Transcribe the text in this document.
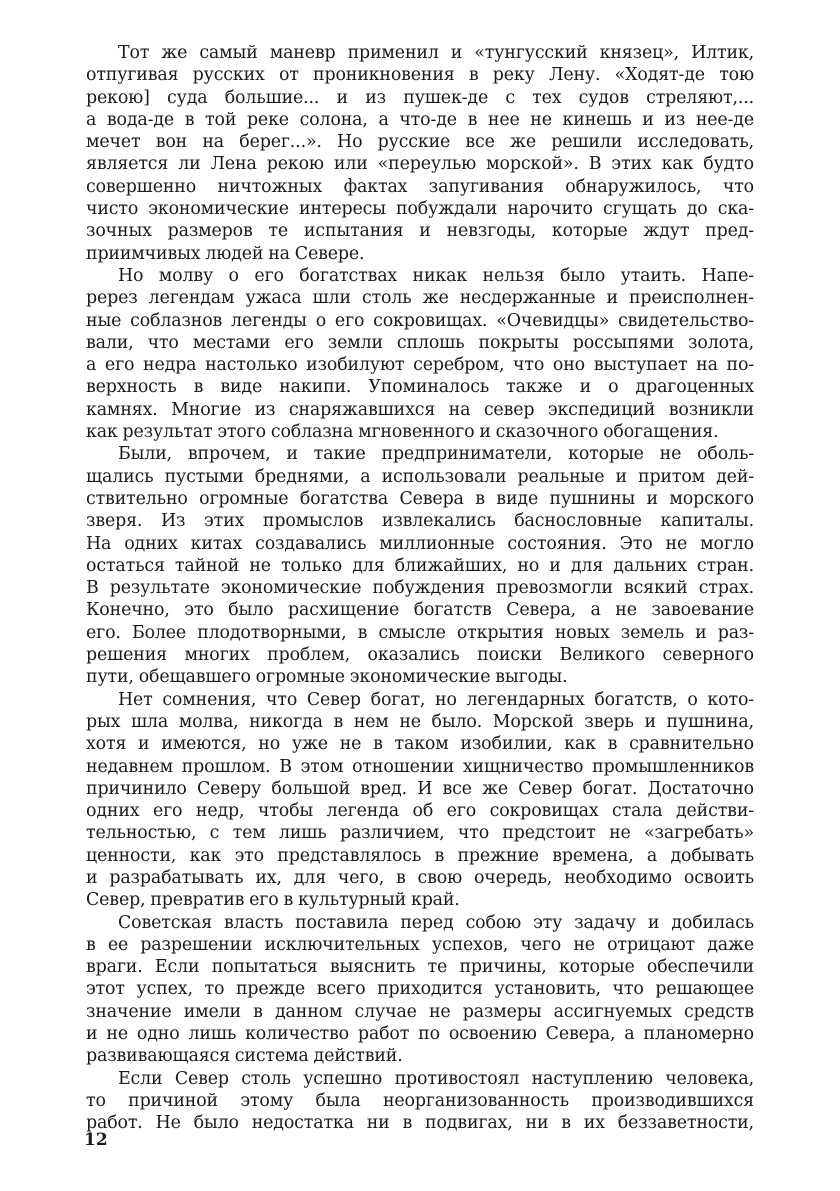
Тот же самый маневр применил и «тунгусский князец», Илтик,
отпугивая русских от проникновения в реку Лену. «Ходят-де тою
рекою] суда большие... и из пушек-де с тех судов стреляют,...
а вода-де в той реке солона, а что-де в нее не кинешь и из нее-де
мечет вон на берег...». Но русские все же решили исследовать,
является ли Лена рекою или «переулью морской». В этих как будто
совершенно ничтожных фактах запугивания обнаружилось, что
чисто экономические интересы побуждали нарочито сгущать до ска-
зочных размеров те испытания и невзгоды, которые ждут пред-
приимчивых людей на Севере.
Но молву о его богатствах никак нельзя было утаить. Напе-
ререз легендам ужаса шли столь же несдержанные и преисполнен-
ные соблазнов легенды о его сокровищах. «Очевидцы» свидетельство-
вали, что местами его земли сплошь покрыты россыпями золота,
а его недра настолько изобилуют серебром, что оно выступает на по-
верхность в виде накипи. Упоминалось также и о драгоценных
камнях. Многие из снаряжавшихся на север экспедиций возникли
как результат этого соблазна мгновенного и сказочного обогащения.
Были, впрочем, и такие предприниматели, которые не оболь-
щались пустыми бреднями, а использовали реальные и притом дей-
ствительно огромные богатства Севера в виде пушнины и морского
зверя. Из этих промыслов извлекались баснословные капиталы.
На одних китах создавались миллионные состояния. Это не могло
остаться тайной не только для ближайших, но и для дальних стран.
В результате экономические побуждения превозмогли всякий страх.
Конечно, это было расхищение богатств Севера, а не завоевание
его. Более плодотворными, в смысле открытия новых земель и раз-
решения многих проблем, оказались поиски Великого северного
пути, обещавшего огромные экономические выгоды.
Нет сомнения, что Север богат, но легендарных богатств, о кото-
рых шла молва, никогда в нем не было. Морской зверь и пушнина,
хотя и имеются, но уже не в таком изобилии, как в сравнительно
недавнем прошлом. В этом отношении хищничество промышленников
причинило Северу большой вред. И все же Север богат. Достаточно
одних его недр, чтобы легенда об его сокровищах стала действи-
тельностью, с тем лишь различием, что предстоит не «загребать»
ценности, как это представлялось в прежние времена, а добывать
и разрабатывать их, для чего, в свою очередь, необходимо освоить
Север, превратив его в культурный край.
Советская власть поставила перед собою эту задачу и добилась
в ее разрешении исключительных успехов, чего не отрицают даже
враги. Если попытаться выяснить те причины, которые обеспечили
этот успех, то прежде всего приходится установить, что решающее
значение имели в данном случае не размеры ассигнуемых средств
и не одно лишь количество работ по освоению Севера, а планомерно
развивающаяся система действий.
Если Север столь успешно противостоял наступлению человека,
то причиной этому была неорганизованность производившихся
работ. Не было недостатка ни в подвигах, ни в их беззаветности,
12
